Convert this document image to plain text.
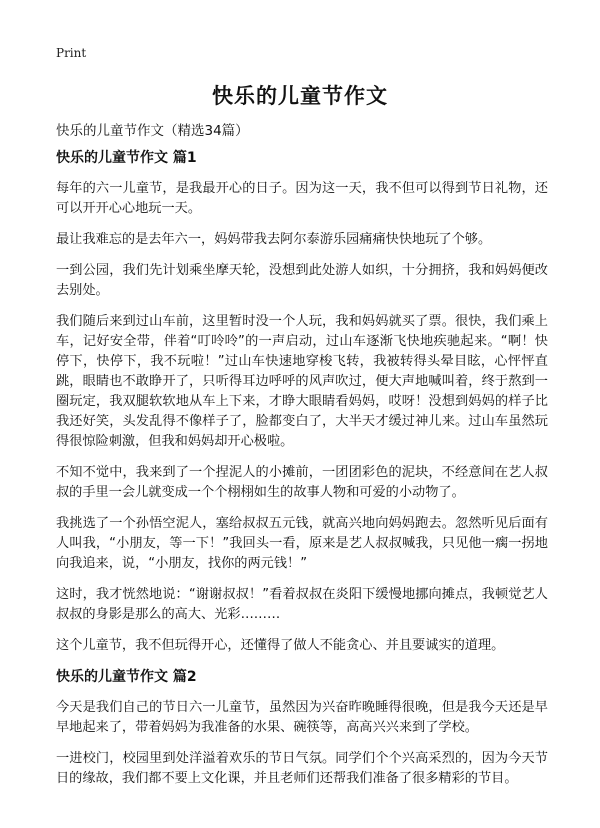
Print
快乐的儿童节作文
快乐的儿童节作文（精选34篇）
快乐的儿童节作文 篇1

每年的六一儿童节，是我最开心的日子。因为这一天，我不但可以得到节日礼物，还可以开开心心地玩一天。

最让我难忘的是去年六一，妈妈带我去阿尔泰游乐园痛痛快快地玩了个够。

一到公园，我们先计划乘坐摩天轮，没想到此处游人如织，十分拥挤，我和妈妈便改去别处。

我们随后来到过山车前，这里暂时没一个人玩，我和妈妈就买了票。很快，我们乘上车，记好安全带，伴着“叮呤呤”的一声启动，过山车逐渐飞快地疾驰起来。“啊！快停下，快停下，我不玩啦！”过山车快速地穿梭飞转，我被转得头晕目眩，心怦怦直跳，眼睛也不敢睁开了，只听得耳边呼呼的风声吹过，便大声地喊叫着，终于熬到一圈玩定，我双腿软软地从车上下来，才睁大眼睛看妈妈，哎呀！没想到妈妈的样子比我还好笑，头发乱得不像样子了，脸都变白了，大半天才缓过神儿来。过山车虽然玩得很惊险刺激，但我和妈妈却开心极啦。

不知不觉中，我来到了一个捏泥人的小摊前，一团团彩色的泥块，不经意间在艺人叔叔的手里一会儿就变成一个个栩栩如生的故事人物和可爱的小动物了。

我挑选了一个孙悟空泥人，塞给叔叔五元钱，就高兴地向妈妈跑去。忽然听见后面有人叫我，“小朋友，等一下！”我回头一看，原来是艺人叔叔喊我，只见他一瘸一拐地向我追来，说，“小朋友，找你的两元钱！”

这时，我才恍然地说：“谢谢叔叔！”看着叔叔在炎阳下缓慢地挪向摊点，我顿觉艺人叔叔的身影是那么的高大、光彩………

这个儿童节，我不但玩得开心，还懂得了做人不能贪心、并且要诚实的道理。

快乐的儿童节作文 篇2

今天是我们自己的节日六一儿童节，虽然因为兴奋昨晚睡得很晚，但是我今天还是早早地起来了，带着妈妈为我准备的水果、碗筷等，高高兴兴来到了学校。

一进校门，校园里到处洋溢着欢乐的节日气氛。同学们个个兴高采烈的，因为今天节日的缘故，我们都不要上文化课，并且老师们还帮我们准备了很多精彩的节目。
